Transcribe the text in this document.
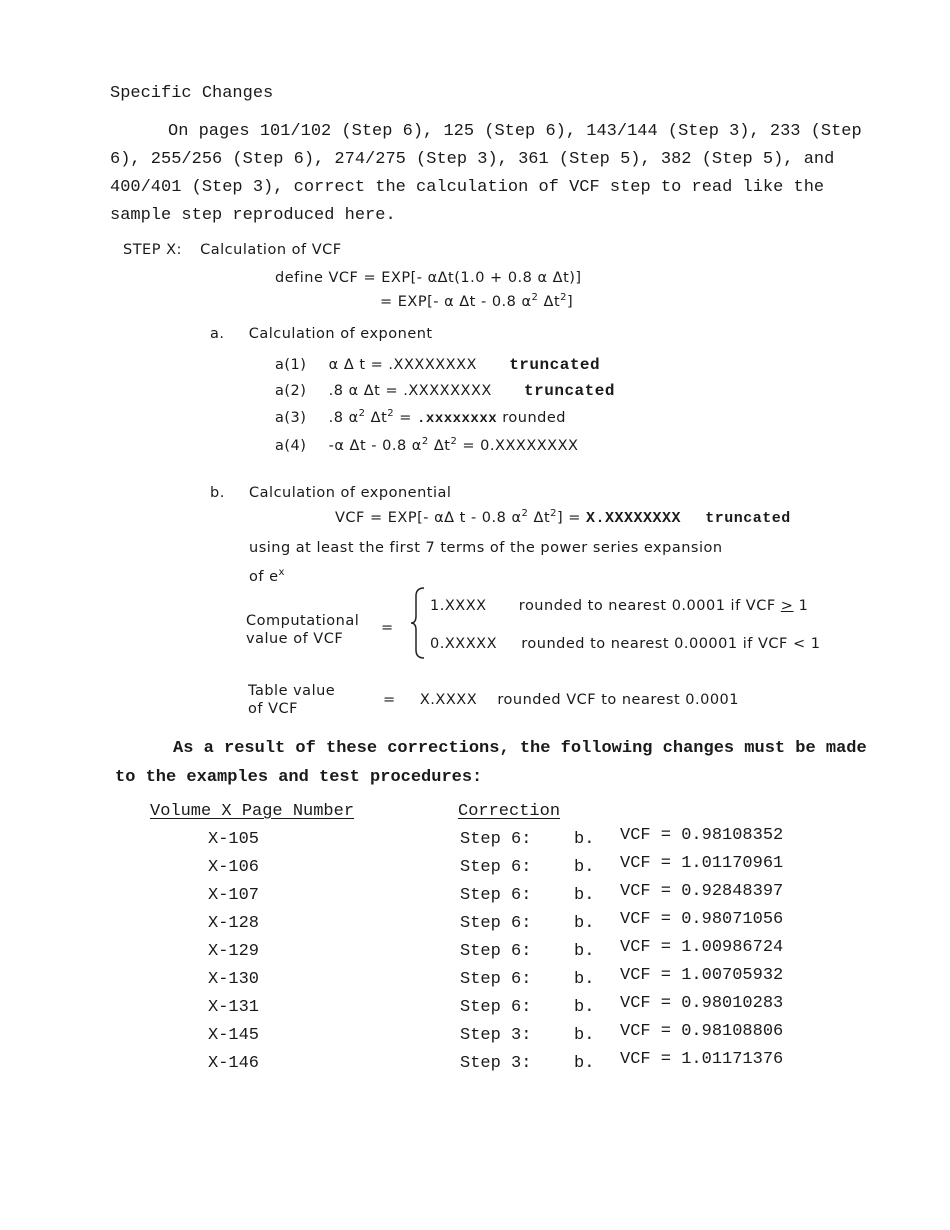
Specific Changes
On pages 101/102 (Step 6), 125 (Step 6), 143/144 (Step 3), 233 (Step 6), 255/256 (Step 6), 274/275 (Step 3), 361 (Step 5), 382 (Step 5), and 400/401 (Step 3), correct the calculation of VCF step to read like the sample step reproduced here.
STEP X: Calculation of VCF
define VCF = EXP[- αΔt(1.0 + 0.8 α Δt)]
= EXP[- α Δt - 0.8 $\alpha^2$ $\Delta t^2$]
a. Calculation of exponent
a(1) α Δ t = .XXXXXXXX truncated
a(2) .8 α Δt = .XXXXXXXX truncated
a(3) .8 $\alpha^2$ $\Delta t^2$ = .xxxxxxxx rounded
a(4) -α Δt - 0.8 $\alpha^2$ $\Delta t^2$ = 0.XXXXXXXX
b. Calculation of exponential
VCF = EXP[- αΔ t - 0.8 $\alpha^2$ $\Delta t^2$] = X.XXXXXXXX truncated
using at least the first 7 terms of the power series expansion
of $e^x$
Computational
value of VCF
=
1.XXXX rounded to nearest 0.0001 if VCF > 1
0.XXXXX rounded to nearest 0.00001 if VCF < 1
Table value
of VCF
= X.XXXX rounded VCF to nearest 0.0001
As a result of these corrections, the following changes must be made to the examples and test procedures:
Volume X Page Number	Correction
X-105	Step 6:	b. VCF = 0.98108352
X-106	Step 6:	b. VCF = 1.01170961
X-107	Step 6:	b. VCF = 0.92848397
X-128	Step 6:	b. VCF = 0.98071056
X-129	Step 6:	b. VCF = 1.00986724
X-130	Step 6:	b. VCF = 1.00705932
X-131	Step 6:	b. VCF = 0.98010283
X-145	Step 3:	b. VCF = 0.98108806
X-146	Step 3:	b. VCF = 1.01171376
